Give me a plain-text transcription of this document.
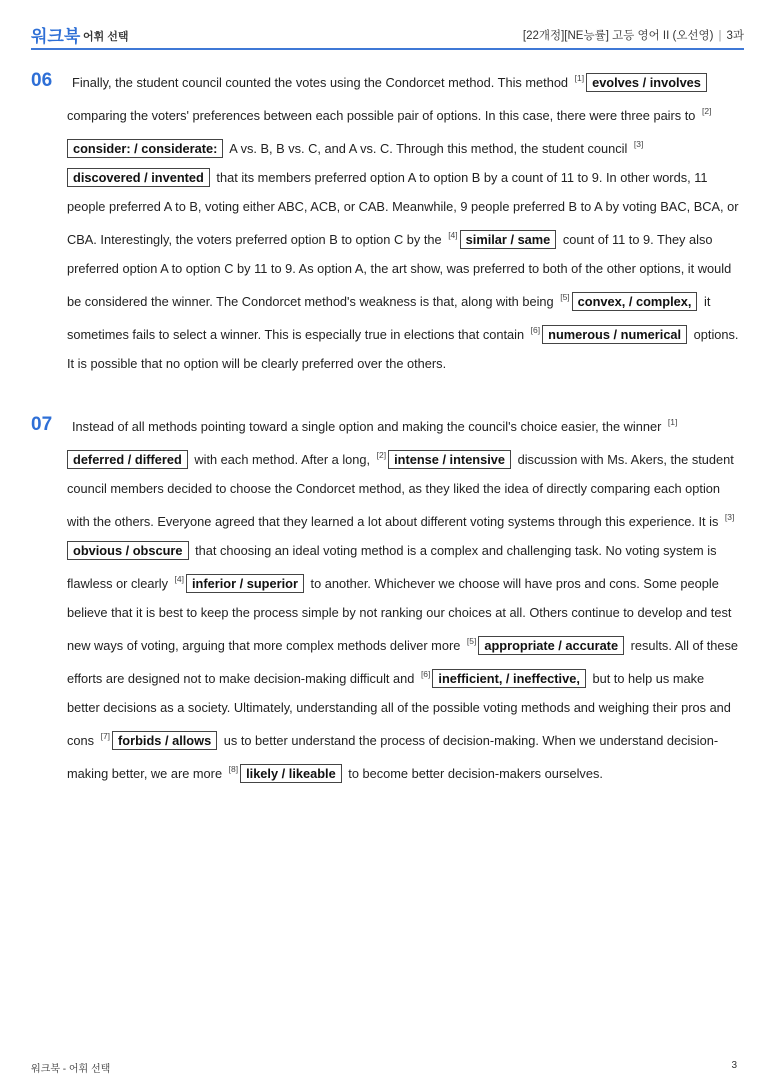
워크북 어휘 선택	[22개정][NE능률] 고등 영어 II (오선영) | 3과
06	Finally, the student council counted the votes using the Condorcet method. This method [1] evolves / involves comparing the voters' preferences between each possible pair of options. In this case, there were three pairs to [2]consider: / considerate: A vs. B, B vs. C, and A vs. C. Through this method, the student council [3]discovered / invented that its members preferred option A to option B by a count of 11 to 9. In other words, 11 people preferred A to B, voting either ABC, ACB, or CAB. Meanwhile, 9 people preferred B to A by voting BAC, BCA, or CBA. Interestingly, the voters preferred option B to option C by the [4] similar / same count of 11 to 9. They also preferred option A to option C by 11 to 9. As option A, the art show, was preferred to both of the other options, it would be considered the winner. The Condorcet method's weakness is that, along with being [5] convex, / complex, it sometimes fails to select a winner. This is especially true in elections that contain [6] numerous / numerical options. It is possible that no option will be clearly preferred over the others.
07	Instead of all methods pointing toward a single option and making the council's choice easier, the winner [1]deferred / differed with each method. After a long, [2] intense / intensive discussion with Ms. Akers, the student council members decided to choose the Condorcet method, as they liked the idea of directly comparing each option with the others. Everyone agreed that they learned a lot about different voting systems through this experience. It is [3]obvious / obscure that choosing an ideal voting method is a complex and challenging task. No voting system is flawless or clearly [4] inferior / superior to another. Whichever we choose will have pros and cons. Some people believe that it is best to keep the process simple by not ranking our choices at all. Others continue to develop and test new ways of voting, arguing that more complex methods deliver more [5] appropriate / accurate results. All of these efforts are designed not to make decision-making difficult and [6] inefficient, / ineffective, but to help us make better decisions as a society. Ultimately, understanding all of the possible voting methods and weighing their pros and cons [7] forbids / allows us to better understand the process of decision-making. When we understand decision-making better, we are more [8] likely / likeable to become better decision-makers ourselves.
워크북 - 어휘 선택	3
